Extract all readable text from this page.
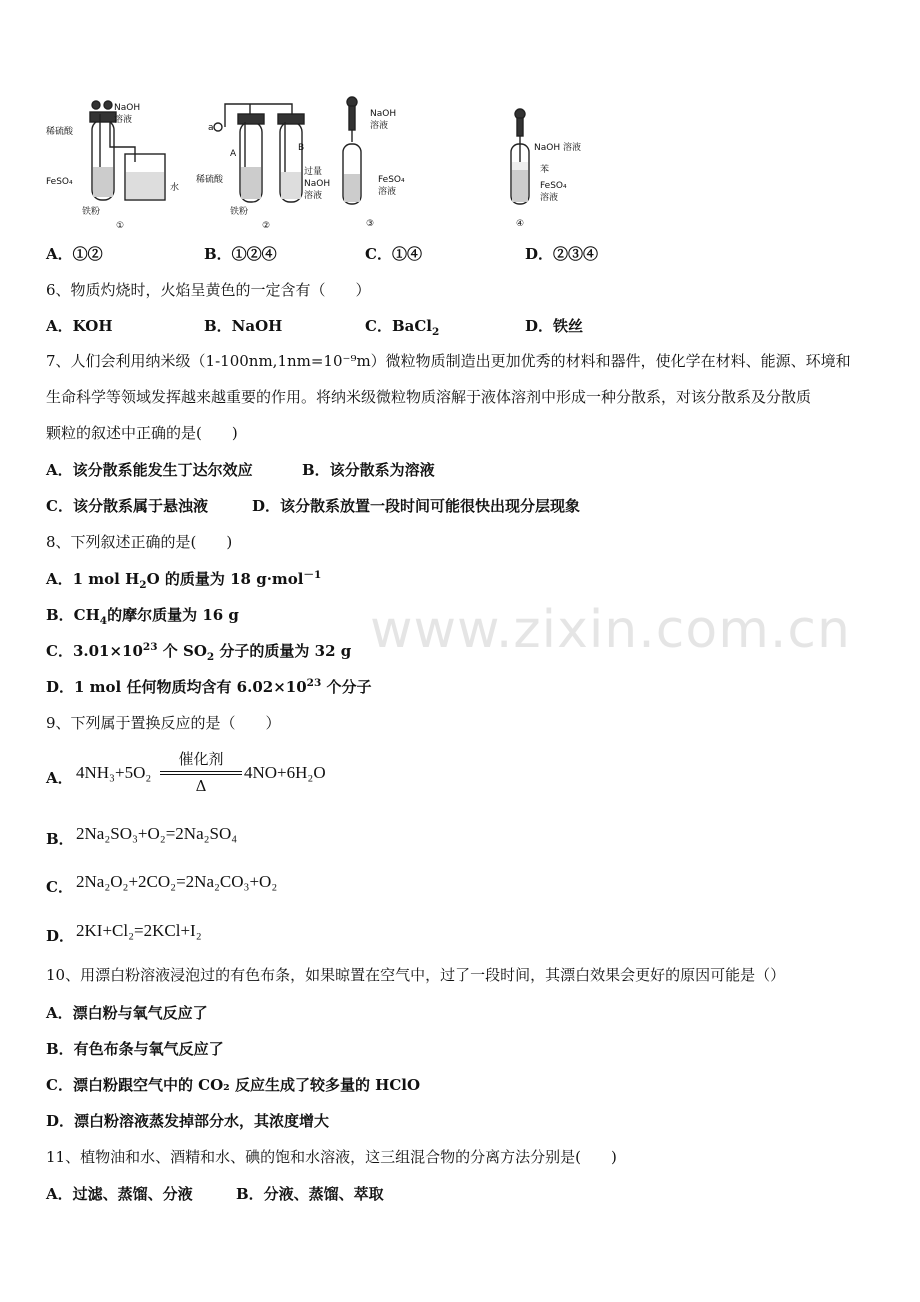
NaOH
溶液
稀硫酸
FeSO₄
铁粉
水
①
a
A
B
稀硫酸
铁粉
过量
NaOH
溶液
②
NaOH
溶液
FeSO₄
溶液
③
NaOH 溶液
苯
FeSO₄
溶液
④
A．①②	B．①②④	C．①④	D．②③④
6、物质灼烧时，火焰呈黄色的一定含有（　　）
A．KOH	B．NaOH	C．BaCl$_2$	D．铁丝
7、人们会利用纳米级（1-100nm,1nm=10⁻⁹m）微粒物质制造出更加优秀的材料和器件，使化学在材料、能源、环境和
生命科学等领域发挥越来越重要的作用。将纳米级微粒物质溶解于液体溶剂中形成一种分散系，对该分散系及分散质
颗粒的叙述中正确的是(　　)
A．该分散系能发生丁达尔效应	B．该分散系为溶液
C．该分散系属于悬浊液	D．该分散系放置一段时间可能很快出现分层现象
8、下列叙述正确的是(　　)
A．1 mol $H_2O$ 的质量为 18 g·mol$^{-1}$
B．$CH_4$的摩尔质量为 16 g
C．$3.01\times 10^{23}$ 个 $SO_2$ 分子的质量为 32 g
D．1 mol 任何物质均含有 $6.02\times 10^{23}$ 个分子
9、下列属于置换反应的是（　　）
A． 4NH₃+5O₂
催化剂
Δ
4NO+6H₂O
B． 2Na₂SO₃+O₂=2Na₂SO₄
C． 2Na₂O₂+2CO₂=2Na₂CO₃+O₂
D． 2KI+Cl₂=2KCl+I₂
10、用漂白粉溶液浸泡过的有色布条，如果晾置在空气中，过了一段时间，其漂白效果会更好的原因可能是（）
A．漂白粉与氧气反应了
B．有色布条与氧气反应了
C．漂白粉跟空气中的 CO₂ 反应生成了较多量的 HClO
D．漂白粉溶液蒸发掉部分水，其浓度增大
11、植物油和水、酒精和水、碘的饱和水溶液，这三组混合物的分离方法分别是(　　)
A．过滤、蒸馏、分液	B．分液、蒸馏、萃取
www.zixin.com.cn
